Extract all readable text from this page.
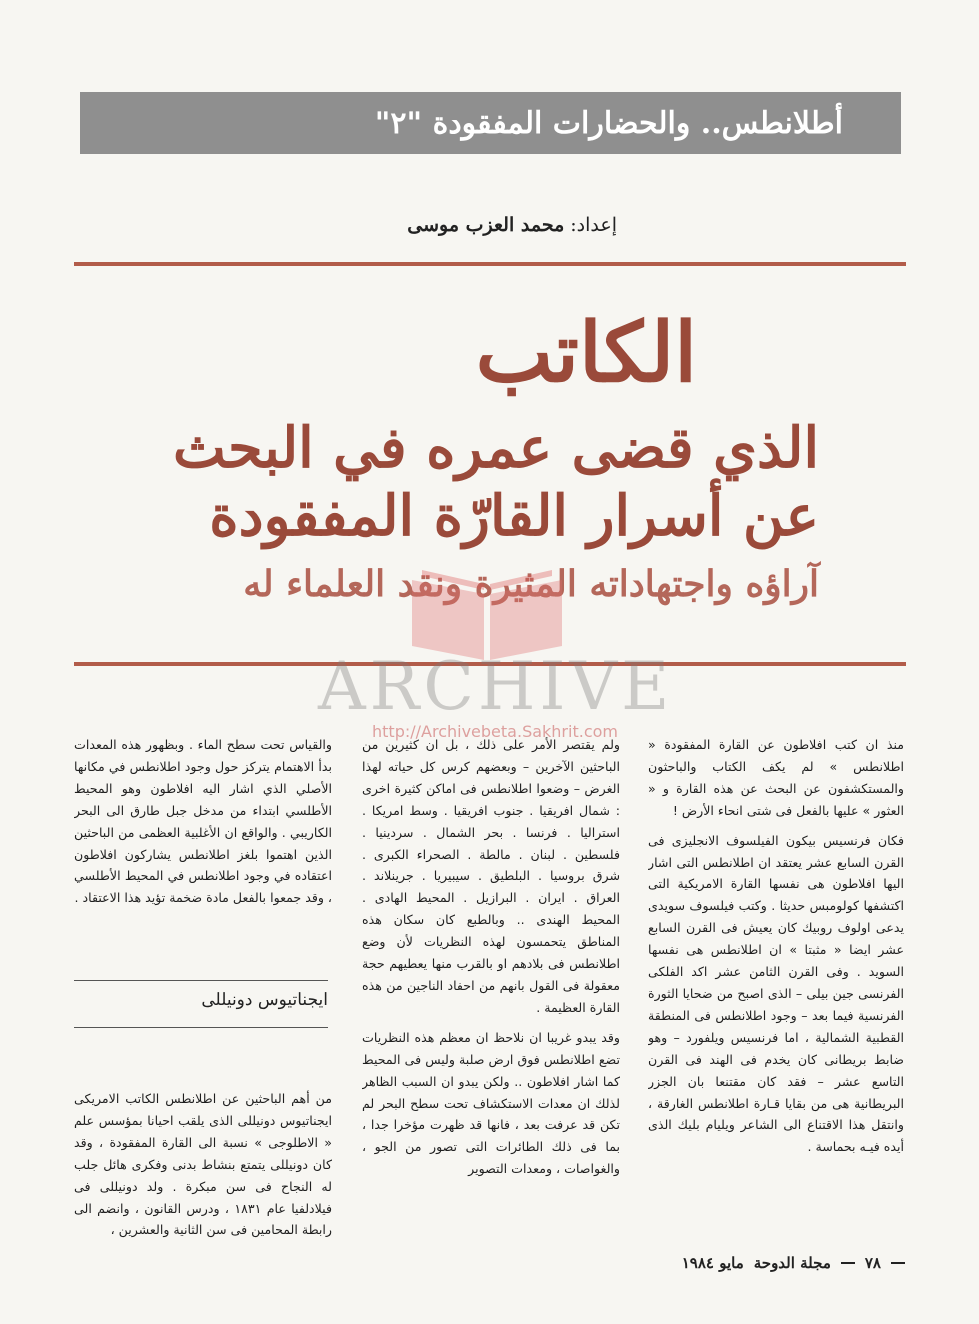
أطلانطس.. والحضارات المفقودة "٢"
إعداد:
محمد العزب موسى
الكاتب
الذي قضى عمره في البحث
عن أسرار القارّة المفقودة
آراؤه واجتهاداته المثيرة ونقد العلماء له
ARCHIVE
http://Archivebeta.Sakhrit.com

منذ ان كتب افلاطون عن القارة المفقودة « اطلانطس » لم يكف الكتاب والباحثون والمستكشفون عن البحث عن هذه القارة و « العثور » عليها بالفعل فى شتى انحاء الأرض !

فكان فرنسيس بيكون الفيلسوف الانجليزى فى القرن السابع عشر يعتقد ان اطلانطس التى اشار اليها افلاطون هى نفسها القارة الامريكية التى اكتشفها كولومبس حديثا . وكتب فيلسوف سويدى يدعى اولوف روبيك كان يعيش فى القرن السابع عشر ايضا « مثبتا » ان اطلانطس هى نفسها السويد . وفى القرن الثامن عشر اكد الفلكى الفرنسى جين بيلى – الذى اصبح من ضحايا الثورة الفرنسية فيما بعد – وجود اطلانطس فى المنطقة القطبية الشمالية ، اما فرنسيس ويلفورد – وهو ضابط بريطانى كان يخدم فى الهند فى القرن التاسع عشر – فقد كان مقتنعا بان الجزر البريطانية هى من بقايا قـارة اطلانطس الغارقة ، وانتقل هذا الاقتناع الى الشاعر ويليام بليك الذى أيده فيـه بحماسة .

ولم يقتصر الأمر على ذلك ، بل ان كثيرين من الباحثين الآخرين – وبعضهم كرس كل حياته لهذا الغرض – وضعوا اطلانطس فى اماكن كثيرة اخرى : شمال افريقيا . جنوب افريقيا . وسط امريكا . استراليا . فرنسا . بحر الشمال . سردينيا . فلسطين . لبنان . مالطة . الصحراء الكبرى . شرق بروسيا . البلطيق . سيبيريا . جرينلاند . العراق . ايران . البرازيل . المحيط الهادى . المحيط الهندى .. وبالطبع كان سكان هذه المناطق يتحمسون لهذه النظريات لأن وضع اطلانطس فى بلادهم او بالقرب منها يعطيهم حجة معقولة فى القول بانهم من احفاد الناجين من هذه القارة العظيمة .

وقد يبدو غريبا ان نلاحظ ان معظم هذه النظريات تضع اطلانطس فوق ارض صلبة وليس فى المحيط كما اشار افلاطون .. ولكن يبدو ان السبب الظاهر لذلك ان معدات الاستكشاف تحت سطح البحر لم تكن قد عرفت بعد ، فانها قد ظهرت مؤخرا جدا ، بما فى ذلك الطائرات التى تصور من الجو ، والغواصات ، ومعدات التصوير

والقياس تحت سطح الماء . وبظهور هذه المعدات بدأ الاهتمام يتركز حول وجود اطلانطس في مكانها الأصلي الذي اشار اليه افلاطون وهو المحيط الأطلسي ابتداء من مدخل جبل طارق الى البحر الكاريبي . والواقع ان الأغلبية العظمى من الباحثين الذين اهتموا بلغز اطلانطس يشاركون افلاطون اعتقاده في وجود اطلانطس في المحيط الأطلسي ، وقد جمعوا بالفعل مادة ضخمة تؤيد هذا الاعتقاد .

ايجناتيوس دونيللى

من أهم الباحثين عن اطلانطس الكاتب الامريكى ايجناتيوس دونيللى الذى يلقب احيانا بمؤسس علم « الاطلوجى » نسبة الى القارة المفقودة ، وقد كان دونيللى يتمتع بنشاط بدنى وفكرى هائل جلب له النجاح فى سن مبكرة . ولد دونيللى فى فيلادلفيا عام ١٨٣١ ، ودرس القانون ، وانضم الى رابطة المحامين فى سن الثانية والعشرين ،

٧٨
مجلة الدوحة
مايو ١٩٨٤
